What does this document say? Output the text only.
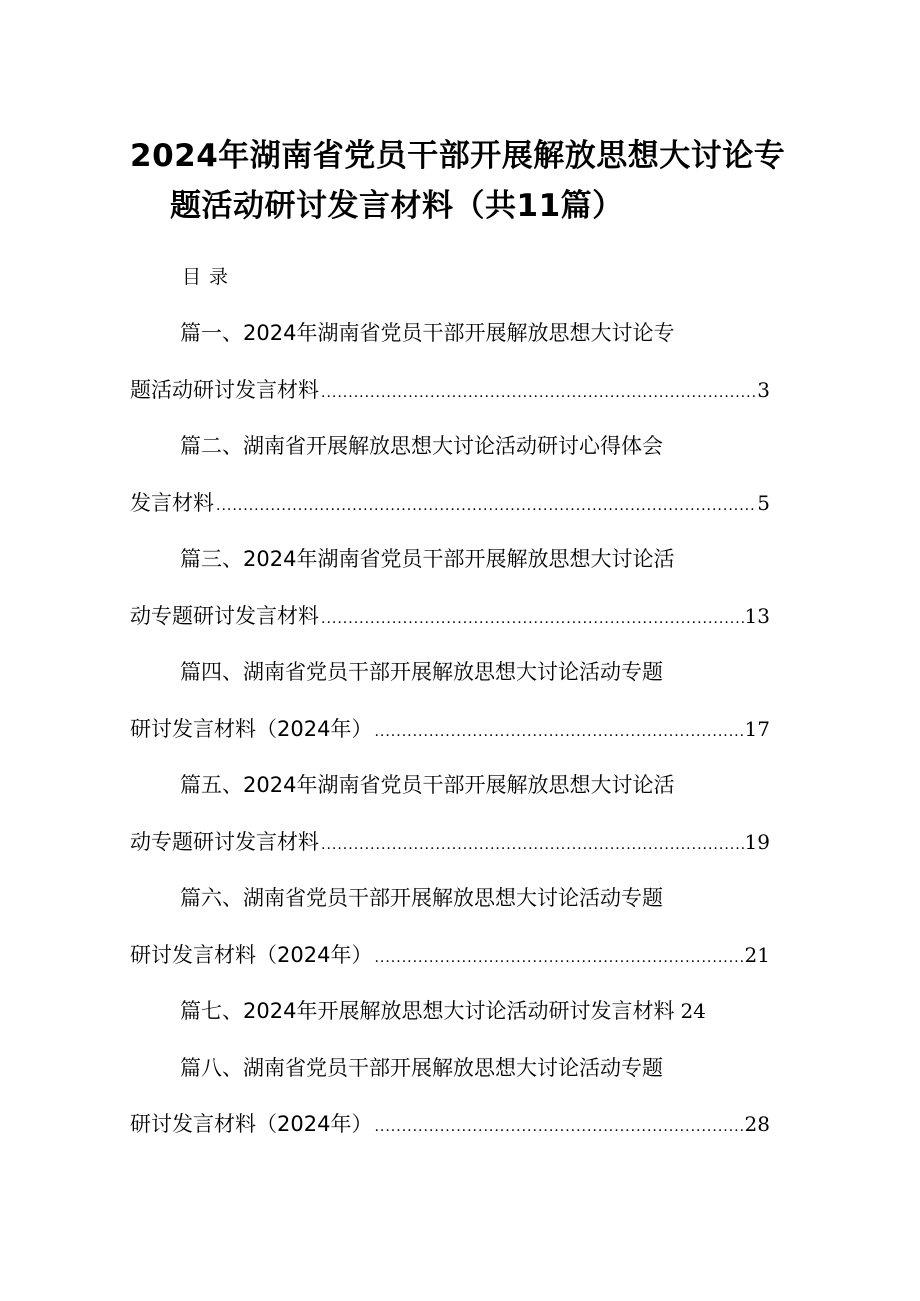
2024年湖南省党员干部开展解放思想大讨论专
题活动研讨发言材料（共11篇）
目录
篇一、2024年湖南省党员干部开展解放思想大讨论专
题活动研讨发言材料 .....	3
篇二、湖南省开展解放思想大讨论活动研讨心得体会
发言材料 .....	5
篇三、2024年湖南省党员干部开展解放思想大讨论活
动专题研讨发言材料 .....	13
篇四、湖南省党员干部开展解放思想大讨论活动专题
研讨发言材料（2024年） .....	17
篇五、2024年湖南省党员干部开展解放思想大讨论活
动专题研讨发言材料 .....	19
篇六、湖南省党员干部开展解放思想大讨论活动专题
研讨发言材料（2024年） .....	21
篇七、2024年开展解放思想大讨论活动研讨发言材料 24
篇八、湖南省党员干部开展解放思想大讨论活动专题
研讨发言材料（2024年） .....	28
